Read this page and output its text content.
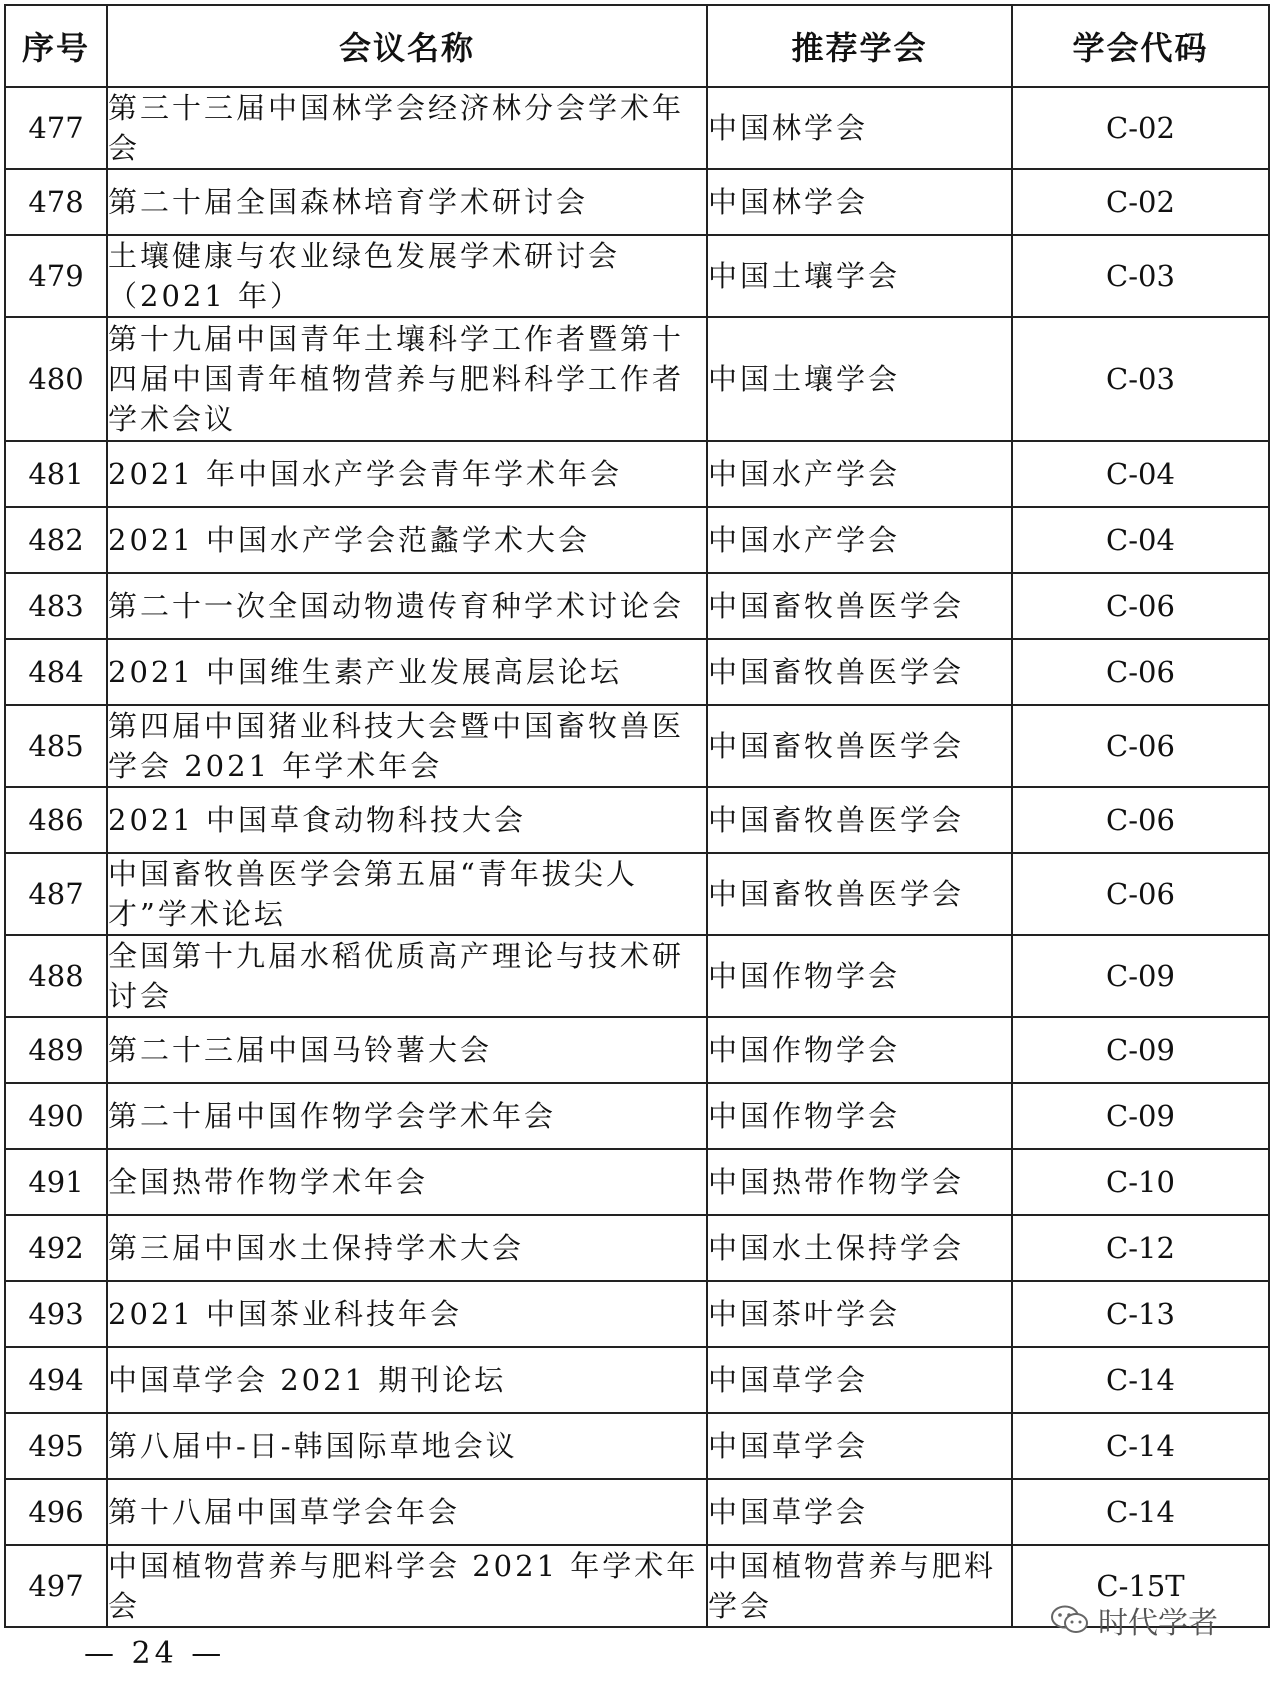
序号	会议名称	推荐学会	学会代码
477	第三十三届中国林学会经济林分会学术年会	中国林学会	C-02
478	第二十届全国森林培育学术研讨会	中国林学会	C-02
479	土壤健康与农业绿色发展学术研讨会（2021 年）	中国土壤学会	C-03
480	第十九届中国青年土壤科学工作者暨第十四届中国青年植物营养与肥料科学工作者学术会议	中国土壤学会	C-03
481	2021 年中国水产学会青年学术年会	中国水产学会	C-04
482	2021 中国水产学会范蠡学术大会	中国水产学会	C-04
483	第二十一次全国动物遗传育种学术讨论会	中国畜牧兽医学会	C-06
484	2021 中国维生素产业发展高层论坛	中国畜牧兽医学会	C-06
485	第四届中国猪业科技大会暨中国畜牧兽医学会 2021 年学术年会	中国畜牧兽医学会	C-06
486	2021 中国草食动物科技大会	中国畜牧兽医学会	C-06
487	中国畜牧兽医学会第五届“青年拔尖人才”学术论坛	中国畜牧兽医学会	C-06
488	全国第十九届水稻优质高产理论与技术研讨会	中国作物学会	C-09
489	第二十三届中国马铃薯大会	中国作物学会	C-09
490	第二十届中国作物学会学术年会	中国作物学会	C-09
491	全国热带作物学术年会	中国热带作物学会	C-10
492	第三届中国水土保持学术大会	中国水土保持学会	C-12
493	2021 中国茶业科技年会	中国茶叶学会	C-13
494	中国草学会 2021 期刊论坛	中国草学会	C-14
495	第八届中-日-韩国际草地会议	中国草学会	C-14
496	第十八届中国草学会年会	中国草学会	C-14
497	中国植物营养与肥料学会 2021 年学术年会	中国植物营养与肥料学会	C-15T
— 24 —
时代学者
